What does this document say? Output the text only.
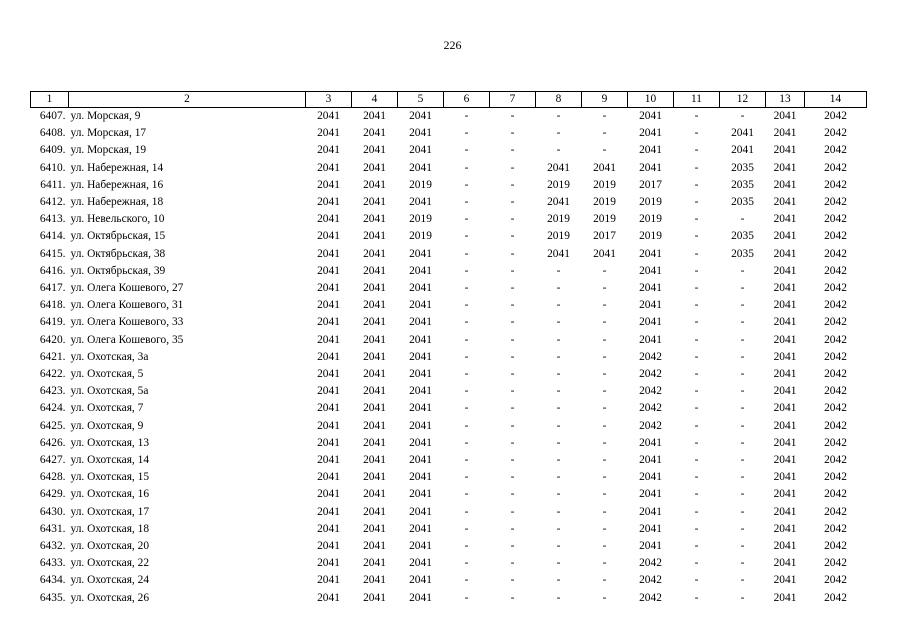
226
1	2	3	4	5	6	7	8	9	10	11	12	13	14
6407.	ул. Морская, 9	2041	2041	2041	-	-	-	-	2041	-	-	2041	2042
6408.	ул. Морская, 17	2041	2041	2041	-	-	-	-	2041	-	2041	2041	2042
6409.	ул. Морская, 19	2041	2041	2041	-	-	-	-	2041	-	2041	2041	2042
6410.	ул. Набережная, 14	2041	2041	2041	-	-	2041	2041	2041	-	2035	2041	2042
6411.	ул. Набережная, 16	2041	2041	2019	-	-	2019	2019	2017	-	2035	2041	2042
6412.	ул. Набережная, 18	2041	2041	2041	-	-	2041	2019	2019	-	2035	2041	2042
6413.	ул. Невельского, 10	2041	2041	2019	-	-	2019	2019	2019	-	-	2041	2042
6414.	ул. Октябрьская, 15	2041	2041	2019	-	-	2019	2017	2019	-	2035	2041	2042
6415.	ул. Октябрьская, 38	2041	2041	2041	-	-	2041	2041	2041	-	2035	2041	2042
6416.	ул. Октябрьская, 39	2041	2041	2041	-	-	-	-	2041	-	-	2041	2042
6417.	ул. Олега Кошевого, 27	2041	2041	2041	-	-	-	-	2041	-	-	2041	2042
6418.	ул. Олега Кошевого, 31	2041	2041	2041	-	-	-	-	2041	-	-	2041	2042
6419.	ул. Олега Кошевого, 33	2041	2041	2041	-	-	-	-	2041	-	-	2041	2042
6420.	ул. Олега Кошевого, 35	2041	2041	2041	-	-	-	-	2041	-	-	2041	2042
6421.	ул. Охотская, 3а	2041	2041	2041	-	-	-	-	2042	-	-	2041	2042
6422.	ул. Охотская, 5	2041	2041	2041	-	-	-	-	2042	-	-	2041	2042
6423.	ул. Охотская, 5а	2041	2041	2041	-	-	-	-	2042	-	-	2041	2042
6424.	ул. Охотская, 7	2041	2041	2041	-	-	-	-	2042	-	-	2041	2042
6425.	ул. Охотская, 9	2041	2041	2041	-	-	-	-	2042	-	-	2041	2042
6426.	ул. Охотская, 13	2041	2041	2041	-	-	-	-	2041	-	-	2041	2042
6427.	ул. Охотская, 14	2041	2041	2041	-	-	-	-	2041	-	-	2041	2042
6428.	ул. Охотская, 15	2041	2041	2041	-	-	-	-	2041	-	-	2041	2042
6429.	ул. Охотская, 16	2041	2041	2041	-	-	-	-	2041	-	-	2041	2042
6430.	ул. Охотская, 17	2041	2041	2041	-	-	-	-	2041	-	-	2041	2042
6431.	ул. Охотская, 18	2041	2041	2041	-	-	-	-	2041	-	-	2041	2042
6432.	ул. Охотская, 20	2041	2041	2041	-	-	-	-	2041	-	-	2041	2042
6433.	ул. Охотская, 22	2041	2041	2041	-	-	-	-	2042	-	-	2041	2042
6434.	ул. Охотская, 24	2041	2041	2041	-	-	-	-	2042	-	-	2041	2042
6435.	ул. Охотская, 26	2041	2041	2041	-	-	-	-	2042	-	-	2041	2042
